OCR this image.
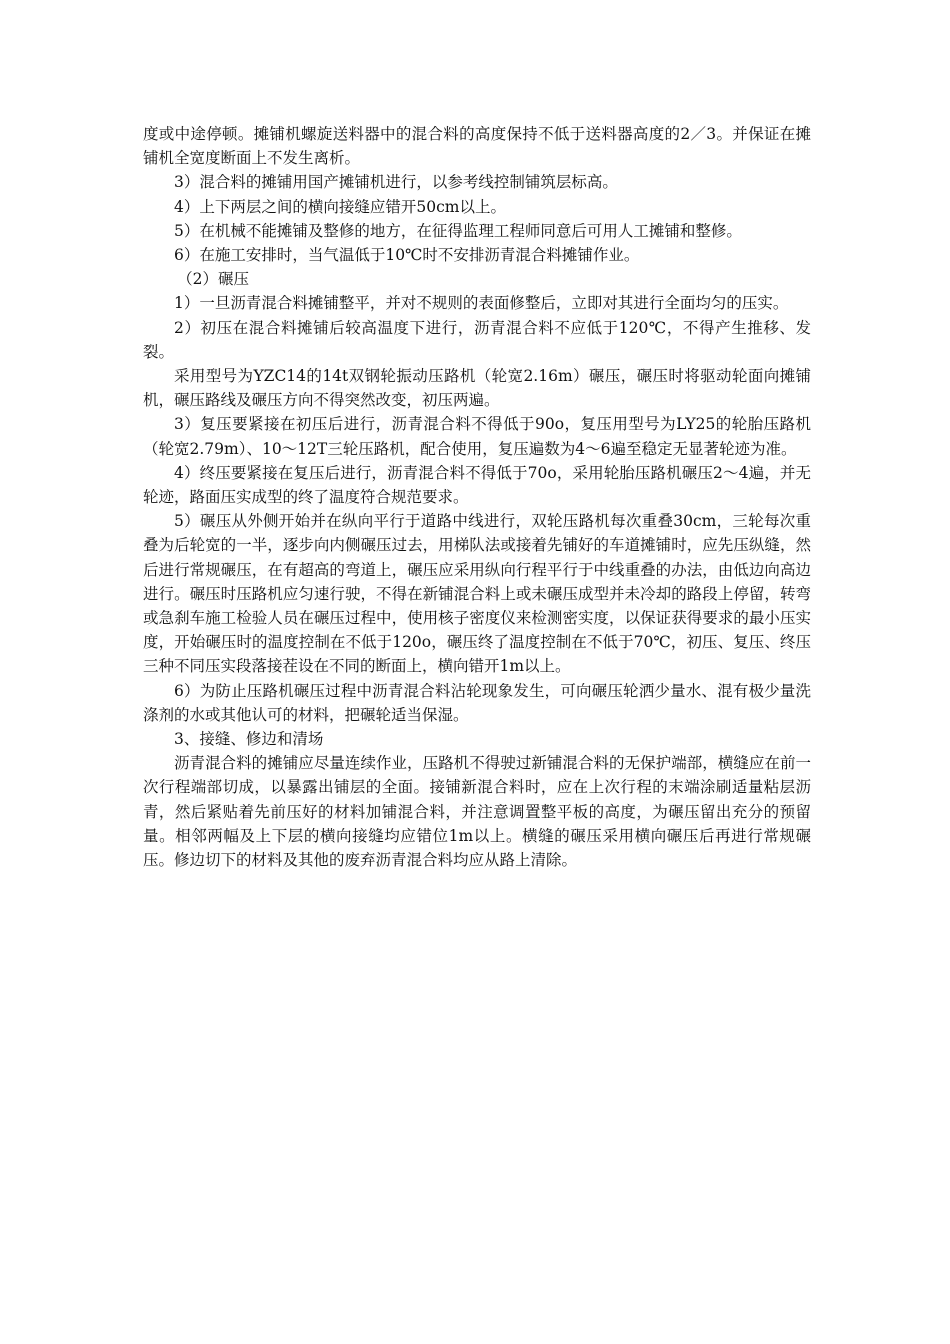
度或中途停顿。摊铺机螺旋送料器中的混合料的高度保持不低于送料器高度的2／3。并保证在摊铺机全宽度断面上不发生离析。

3）混合料的摊铺用国产摊铺机进行，以参考线控制铺筑层标高。

4）上下两层之间的横向接缝应错开50cm以上。

5）在机械不能摊铺及整修的地方，在征得监理工程师同意后可用人工摊铺和整修。

6）在施工安排时，当气温低于10℃时不安排沥青混合料摊铺作业。

（2）碾压

1）一旦沥青混合料摊铺整平，并对不规则的表面修整后，立即对其进行全面均匀的压实。

2）初压在混合料摊铺后较高温度下进行，沥青混合料不应低于120℃，不得产生推移、发裂。

采用型号为YZC14的14t双钢轮振动压路机（轮宽2.16m）碾压，碾压时将驱动轮面向摊铺机，碾压路线及碾压方向不得突然改变，初压两遍。

3）复压要紧接在初压后进行，沥青混合料不得低于90o，复压用型号为LY25的轮胎压路机（轮宽2.79m）、10～12T三轮压路机，配合使用，复压遍数为4～6遍至稳定无显著轮迹为准。

4）终压要紧接在复压后进行，沥青混合料不得低于70o，采用轮胎压路机碾压2～4遍，并无轮迹，路面压实成型的终了温度符合规范要求。

5）碾压从外侧开始并在纵向平行于道路中线进行，双轮压路机每次重叠30cm，三轮每次重叠为后轮宽的一半，逐步向内侧碾压过去，用梯队法或接着先铺好的车道摊铺时，应先压纵缝，然后进行常规碾压，在有超高的弯道上，碾压应采用纵向行程平行于中线重叠的办法，由低边向高边进行。碾压时压路机应匀速行驶，不得在新铺混合料上或未碾压成型并未冷却的路段上停留，转弯或急刹车施工检验人员在碾压过程中，使用核子密度仪来检测密实度，以保证获得要求的最小压实度，开始碾压时的温度控制在不低于120o，碾压终了温度控制在不低于70℃，初压、复压、终压三种不同压实段落接茬设在不同的断面上，横向错开1m以上。

6）为防止压路机碾压过程中沥青混合料沾轮现象发生，可向碾压轮洒少量水、混有极少量洗涤剂的水或其他认可的材料，把碾轮适当保湿。

3、接缝、修边和清场

沥青混合料的摊铺应尽量连续作业，压路机不得驶过新铺混合料的无保护端部，横缝应在前一次行程端部切成，以暴露出铺层的全面。接铺新混合料时，应在上次行程的末端涂刷适量粘层沥青，然后紧贴着先前压好的材料加铺混合料，并注意调置整平板的高度，为碾压留出充分的预留量。相邻两幅及上下层的横向接缝均应错位1m以上。横缝的碾压采用横向碾压后再进行常规碾压。修边切下的材料及其他的废弃沥青混合料均应从路上清除。
